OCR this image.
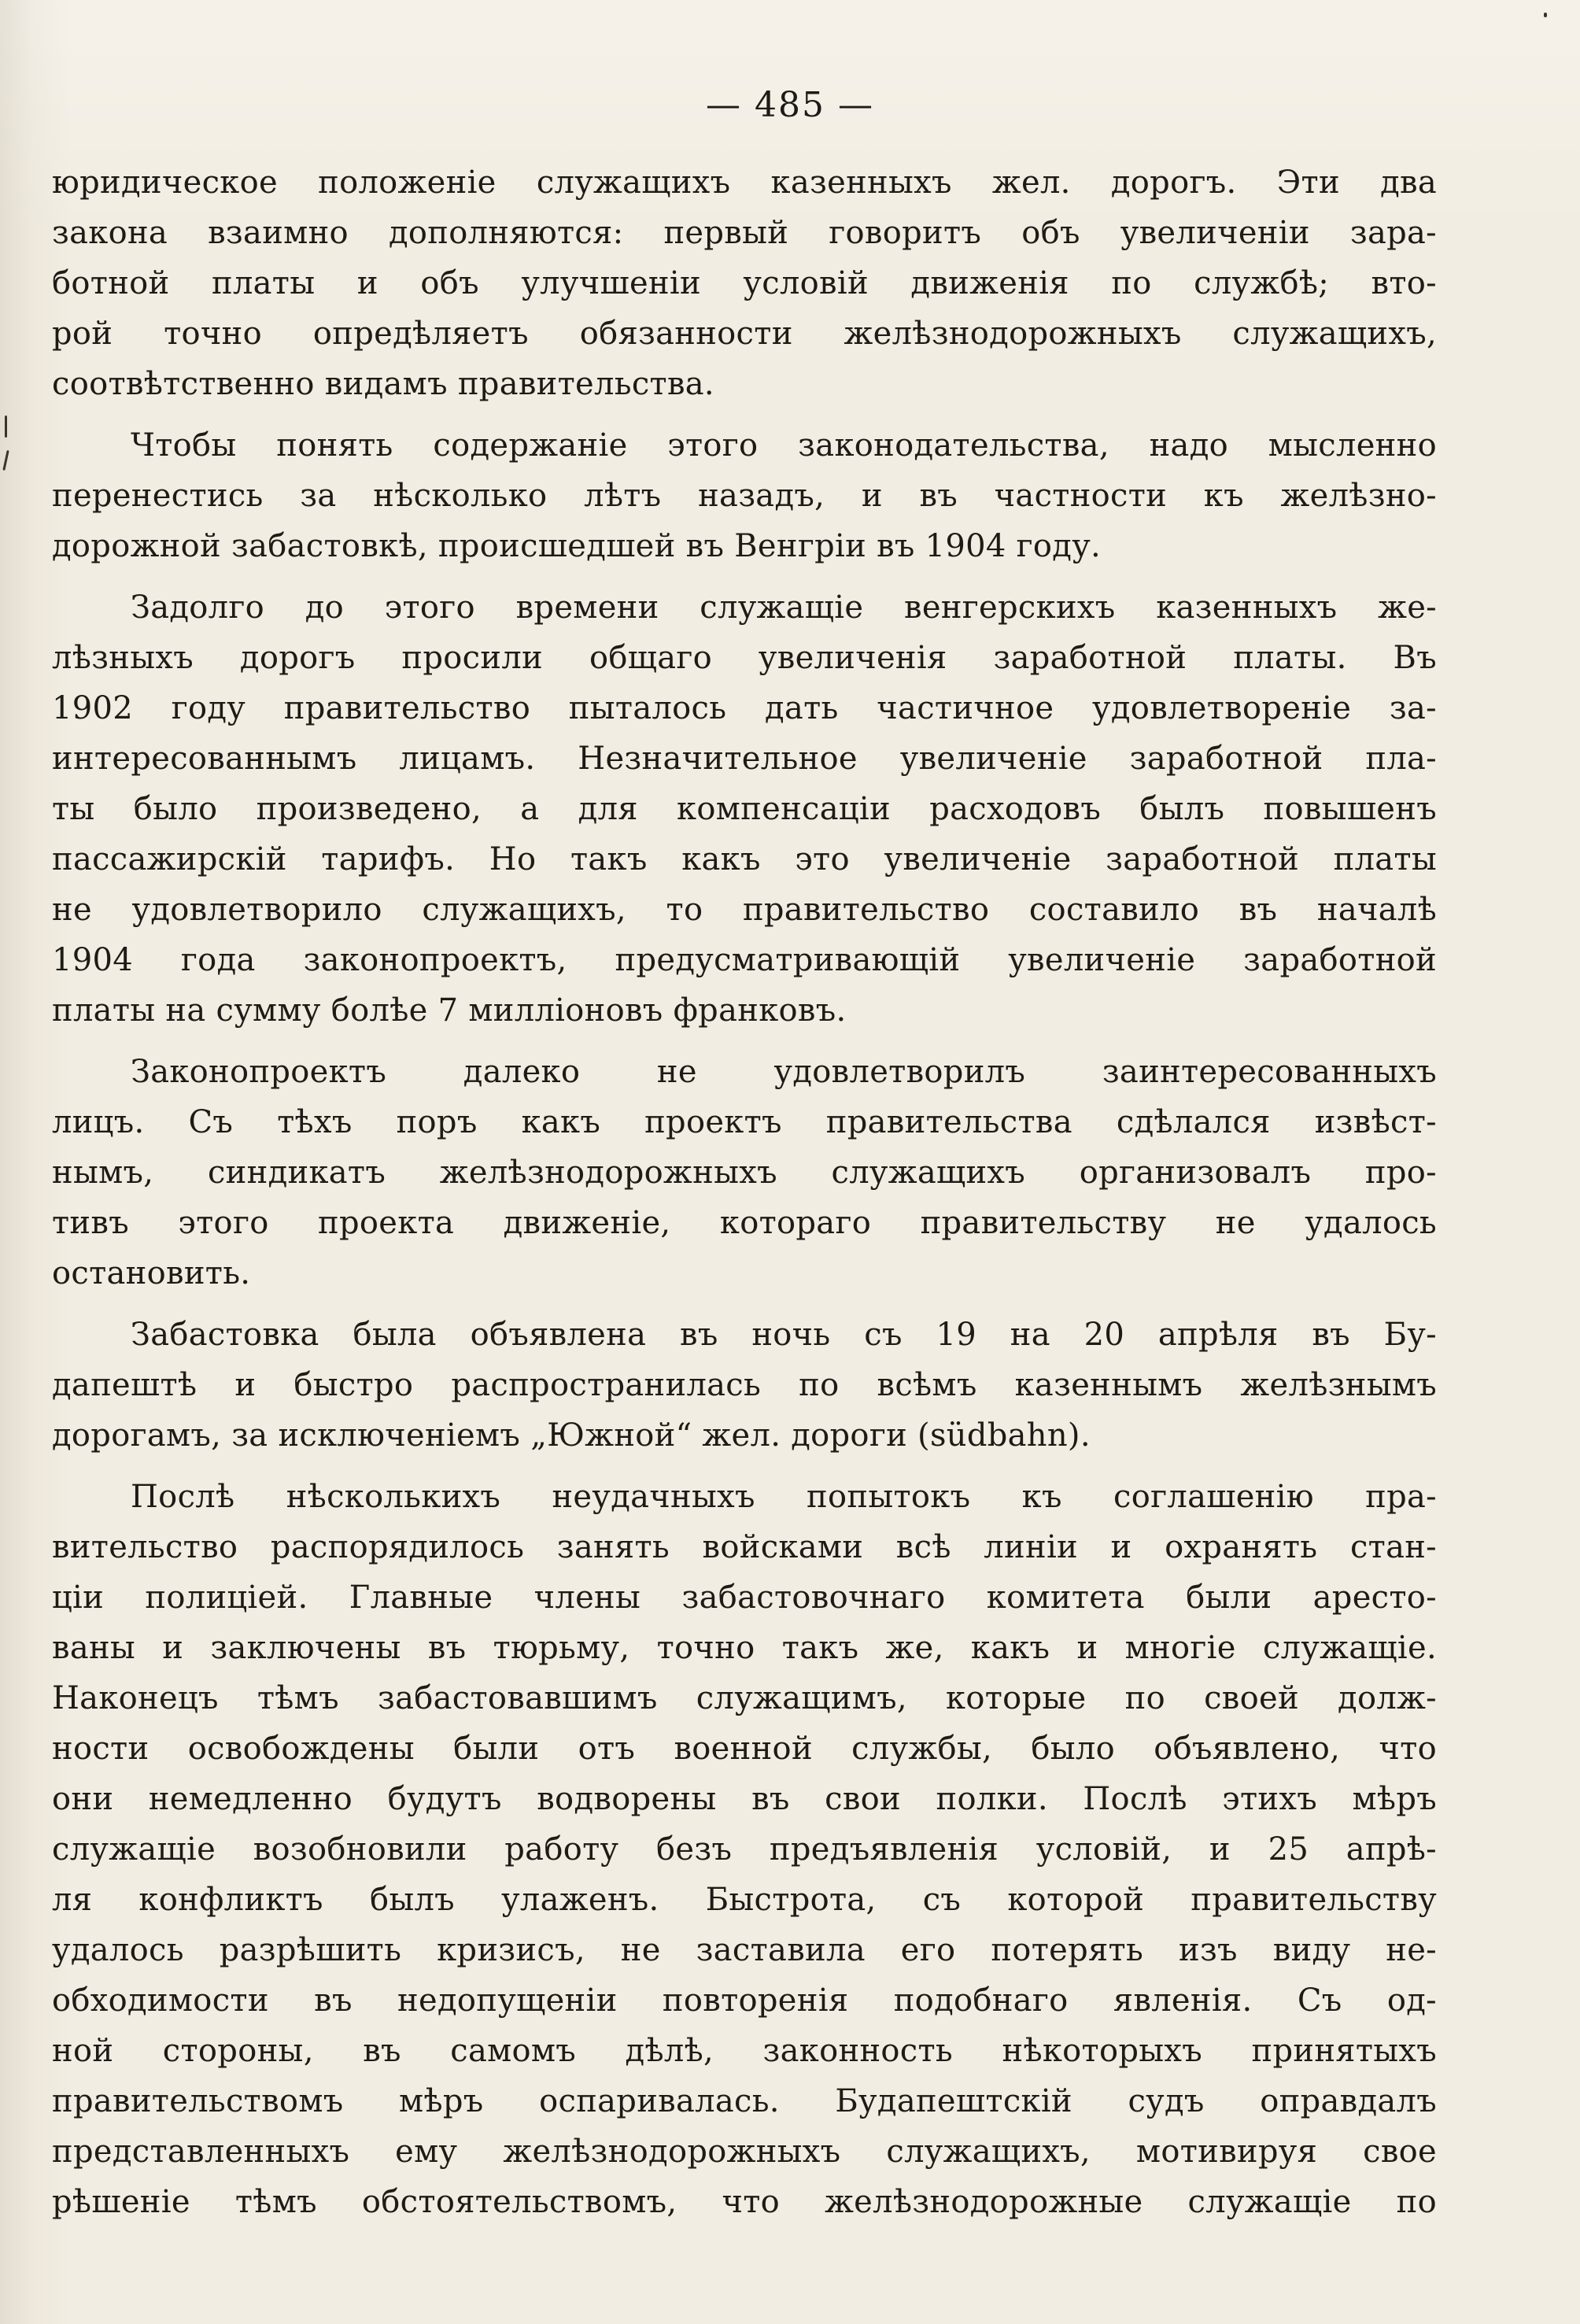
— 485 —
юридическое положеніе служащихъ казенныхъ жел. дорогъ. Эти два
закона взаимно дополняются: первый говоритъ объ увеличеніи зара-
ботной платы и объ улучшеніи условій движенія по службѣ; вто-
рой точно опредѣляетъ обязанности желѣзнодорожныхъ служащихъ,
соотвѣтственно видамъ правительства.
Чтобы понять содержаніе этого законодательства, надо мысленно
перенестись за нѣсколько лѣтъ назадъ, и въ частности къ желѣзно-
дорожной забастовкѣ, происшедшей въ Венгріи въ 1904 году.
Задолго до этого времени служащіе венгерскихъ казенныхъ же-
лѣзныхъ дорогъ просили общаго увеличенія заработной платы. Въ
1902 году правительство пыталось дать частичное удовлетвореніе за-
интересованнымъ лицамъ. Незначительное увеличеніе заработной пла-
ты было произведено, а для компенсаціи расходовъ былъ повышенъ
пассажирскій тарифъ. Но такъ какъ это увеличеніе заработной платы
не удовлетворило служащихъ, то правительство составило въ началѣ
1904 года законопроектъ, предусматривающій увеличеніе заработной
платы на сумму болѣе 7 милліоновъ франковъ.
Законопроектъ далеко не удовлетворилъ заинтересованныхъ
лицъ. Съ тѣхъ поръ какъ проектъ правительства сдѣлался извѣст-
нымъ, синдикатъ желѣзнодорожныхъ служащихъ организовалъ про-
тивъ этого проекта движеніе, котораго правительству не удалось
остановить.
Забастовка была объявлена въ ночь съ 19 на 20 апрѣля въ Бу-
дапештѣ и быстро распространилась по всѣмъ казеннымъ желѣзнымъ
дорогамъ, за исключеніемъ „Южной“ жел. дороги (südbahn).
Послѣ нѣсколькихъ неудачныхъ попытокъ къ соглашенію пра-
вительство распорядилось занять войсками всѣ линіи и охранять стан-
ціи полиціей. Главные члены забастовочнаго комитета были аресто-
ваны и заключены въ тюрьму, точно такъ же, какъ и многіе служащіе.
Наконецъ тѣмъ забастовавшимъ служащимъ, которые по своей долж-
ности освобождены были отъ военной службы, было объявлено, что
они немедленно будутъ водворены въ свои полки. Послѣ этихъ мѣръ
служащіе возобновили работу безъ предъявленія условій, и 25 апрѣ-
ля конфликтъ былъ улаженъ. Быстрота, съ которой правительству
удалось разрѣшить кризисъ, не заставила его потерять изъ виду не-
обходимости въ недопущеніи повторенія подобнаго явленія. Съ од-
ной стороны, въ самомъ дѣлѣ, законность нѣкоторыхъ принятыхъ
правительствомъ мѣръ оспаривалась. Будапештскій судъ оправдалъ
представленныхъ ему желѣзнодорожныхъ служащихъ, мотивируя свое
рѣшеніе тѣмъ обстоятельствомъ, что желѣзнодорожные служащіе по
